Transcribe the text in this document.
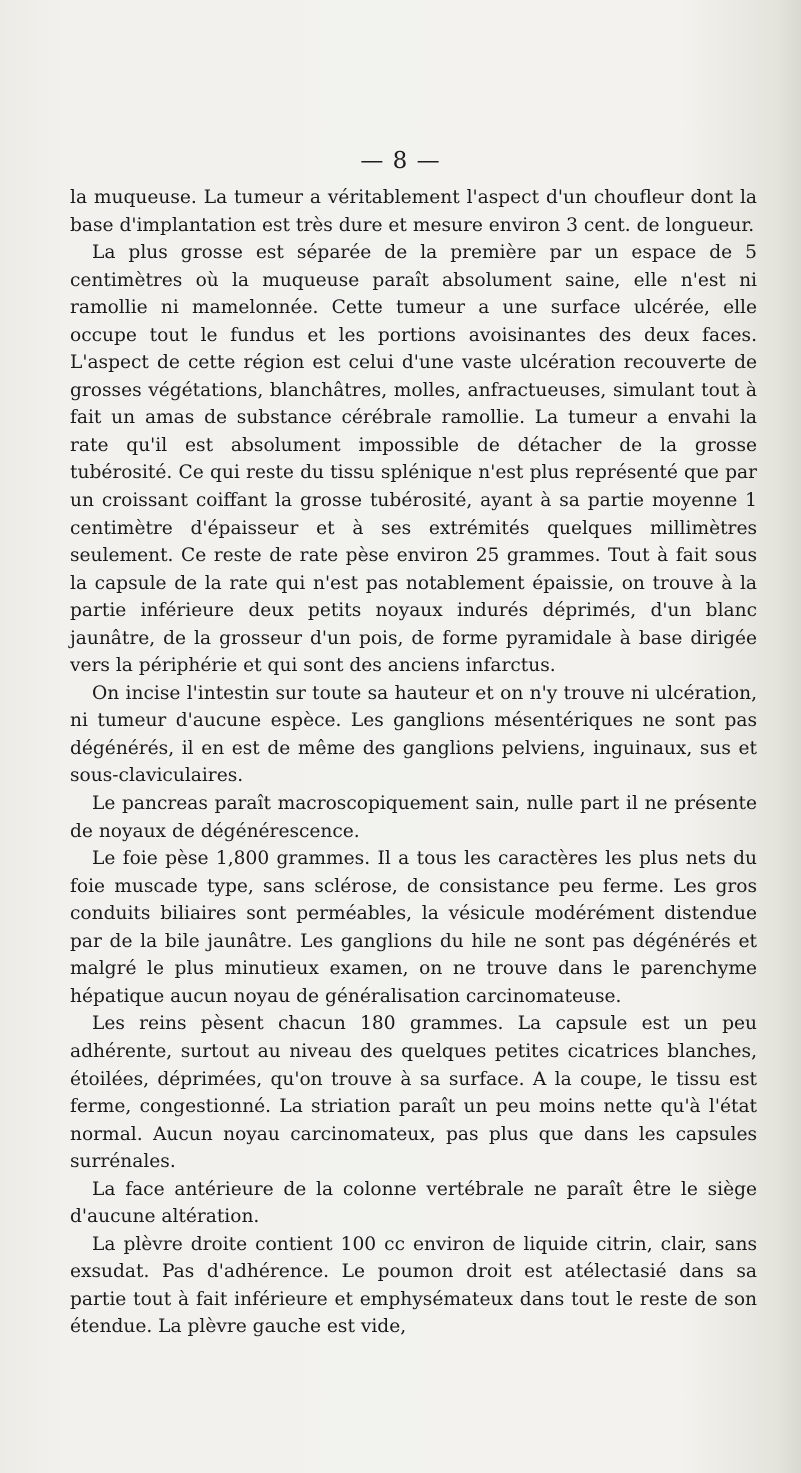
— 8 —

la muqueuse. La tumeur a véritablement l'aspect d'un choufleur dont la base d'implantation est très dure et mesure environ 3 cent. de longueur.

La plus grosse est séparée de la première par un espace de 5 centimètres où la muqueuse paraît absolument saine, elle n'est ni ramollie ni mamelonnée. Cette tumeur a une surface ulcérée, elle occupe tout le fundus et les portions avoisinantes des deux faces. L'aspect de cette région est celui d'une vaste ulcération recouverte de grosses végétations, blanchâtres, molles, anfractueuses, simulant tout à fait un amas de substance cérébrale ramollie. La tumeur a envahi la rate qu'il est absolument impossible de détacher de la grosse tubérosité. Ce qui reste du tissu splénique n'est plus représenté que par un croissant coiffant la grosse tubérosité, ayant à sa partie moyenne 1 centimètre d'épaisseur et à ses extrémités quelques millimètres seulement. Ce reste de rate pèse environ 25 grammes. Tout à fait sous la capsule de la rate qui n'est pas notablement épaissie, on trouve à la partie inférieure deux petits noyaux indurés déprimés, d'un blanc jaunâtre, de la grosseur d'un pois, de forme pyramidale à base dirigée vers la périphérie et qui sont des anciens infarctus.

On incise l'intestin sur toute sa hauteur et on n'y trouve ni ulcération, ni tumeur d'aucune espèce. Les ganglions mésentériques ne sont pas dégénérés, il en est de même des ganglions pelviens, inguinaux, sus et sous-claviculaires.

Le pancreas paraît macroscopiquement sain, nulle part il ne présente de noyaux de dégénérescence.

Le foie pèse 1,800 grammes. Il a tous les caractères les plus nets du foie muscade type, sans sclérose, de consistance peu ferme. Les gros conduits biliaires sont perméables, la vésicule modérément distendue par de la bile jaunâtre. Les ganglions du hile ne sont pas dégénérés et malgré le plus minutieux examen, on ne trouve dans le parenchyme hépatique aucun noyau de généralisation carcinomateuse.

Les reins pèsent chacun 180 grammes. La capsule est un peu adhérente, surtout au niveau des quelques petites cicatrices blanches, étoilées, déprimées, qu'on trouve à sa surface. A la coupe, le tissu est ferme, congestionné. La striation paraît un peu moins nette qu'à l'état normal. Aucun noyau carcinomateux, pas plus que dans les capsules surrénales.

La face antérieure de la colonne vertébrale ne paraît être le siège d'aucune altération.

La plèvre droite contient 100 cc environ de liquide citrin, clair, sans exsudat. Pas d'adhérence. Le poumon droit est atélectasié dans sa partie tout à fait inférieure et emphysémateux dans tout le reste de son étendue. La plèvre gauche est vide,
